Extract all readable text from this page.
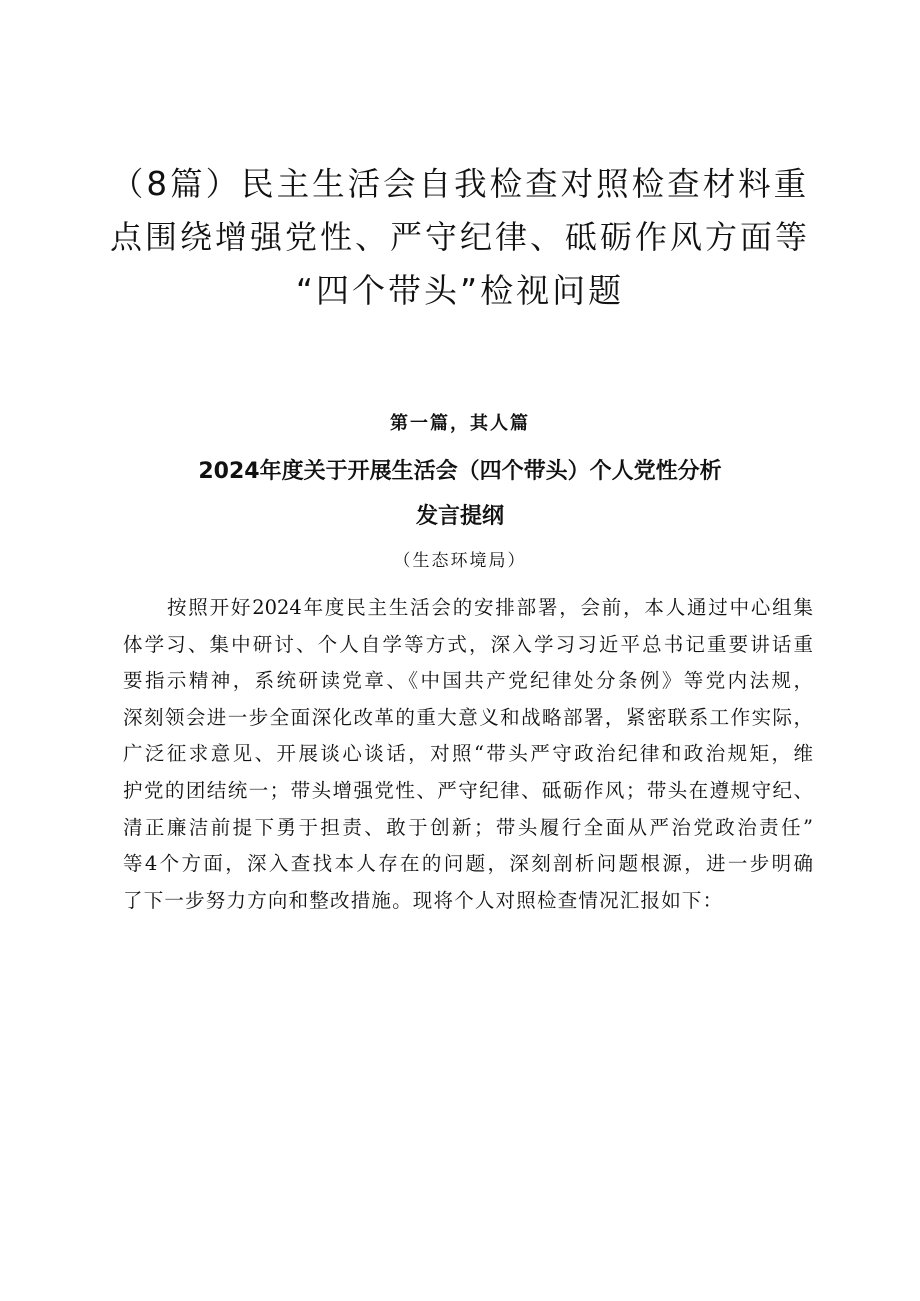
（8篇）民主生活会自我检查对照检查材料重
点围绕增强党性、严守纪律、砥砺作风方面等
“四个带头”检视问题
第一篇，其人篇
2024年度关于开展生活会（四个带头）个人党性分析
发言提纲
（生态环境局）

按照开好2024年度民主生活会的安排部署，会前，本人通过中心组集
体学习、集中研讨、个人自学等方式，深入学习习近平总书记重要讲话重
要指示精神，系统研读党章、《中国共产党纪律处分条例》等党内法规，
深刻领会进一步全面深化改革的重大意义和战略部署，紧密联系工作实际，
广泛征求意见、开展谈心谈话，对照“带头严守政治纪律和政治规矩，维
护党的团结统一；带头增强党性、严守纪律、砥砺作风；带头在遵规守纪、
清正廉洁前提下勇于担责、敢于创新；带头履行全面从严治党政治责任”
等4个方面，深入查找本人存在的问题，深刻剖析问题根源，进一步明确
了下一步努力方向和整改措施。现将个人对照检查情况汇报如下：
